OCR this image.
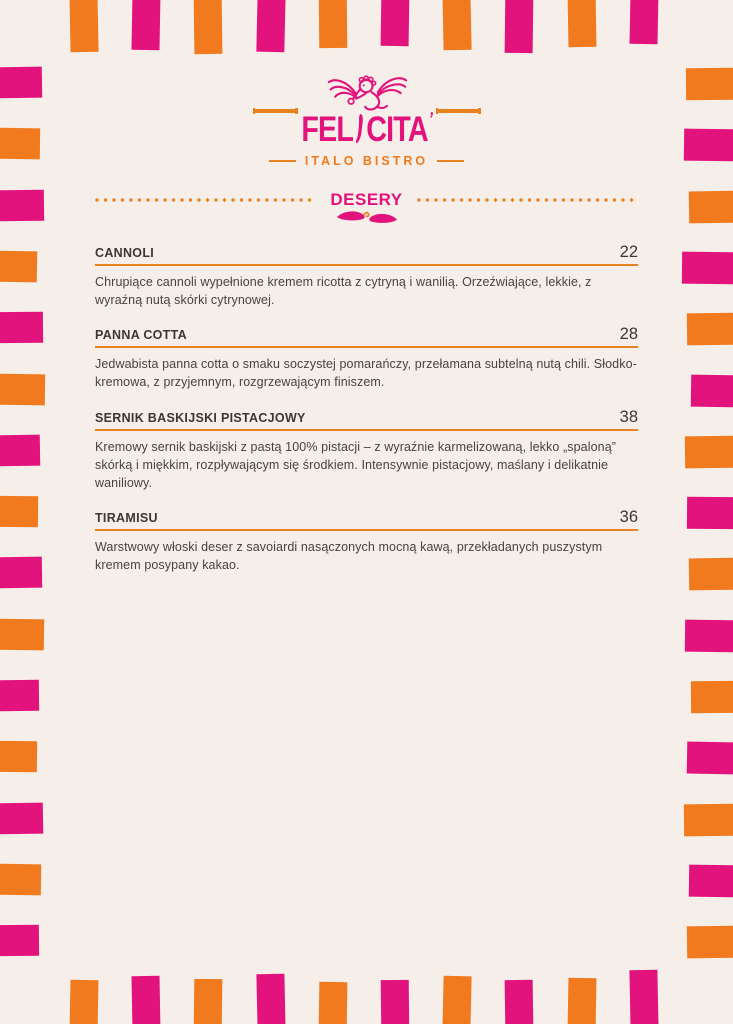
FEL CITA
’
ITALO BISTRO
DESERY
CANNOLI	22
Chrupiące cannoli wypełnione kremem ricotta z cytryną i wanilią. Orzeźwiające, lekkie, z wyraźną nutą skórki cytrynowej.
PANNA COTTA	28
Jedwabista panna cotta o smaku soczystej pomarańczy, przełamana subtelną nutą chili. Słodko-kremowa, z przyjemnym, rozgrzewającym finiszem.
SERNIK BASKIJSKI PISTACJOWY	38
Kremowy sernik baskijski z pastą 100% pistacji – z wyraźnie karmelizowaną, lekko „spaloną” skórką i miękkim, rozpływającym się środkiem. Intensywnie pistacjowy, maślany i delikatnie waniliowy.
TIRAMISU	36
Warstwowy włoski deser z savoiardi nasączonych mocną kawą, przekładanych puszystym kremem posypany kakao.
